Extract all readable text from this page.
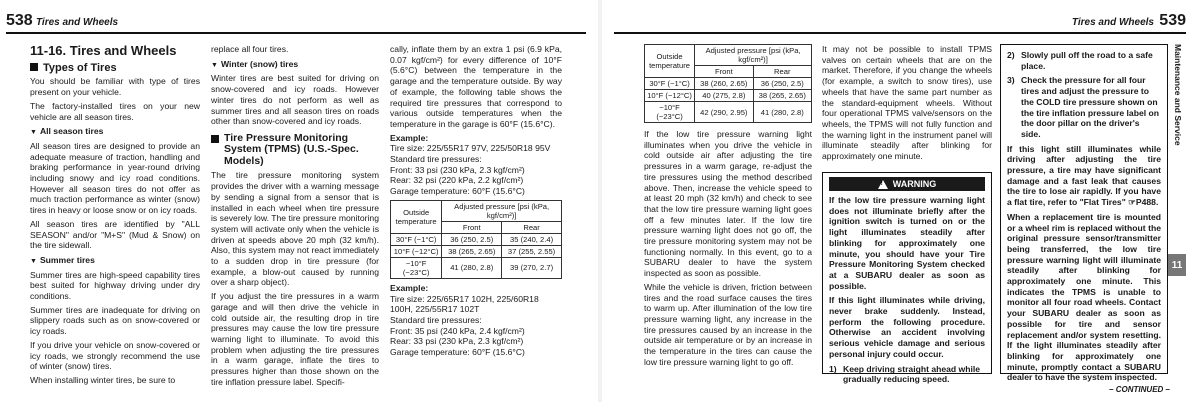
538 Tires and Wheels
11-16. Tires and Wheels
Types of Tires

You should be familiar with type of tires present on your vehicle.

The factory-installed tires on your new vehicle are all season tires.

▼ All season tires

All season tires are designed to provide an adequate measure of traction, handling and braking performance in year-round driving including snowy and icy road conditions. However all season tires do not offer as much traction performance as winter (snow) tires in heavy or loose snow or on icy roads.

All season tires are identified by "ALL SEASON" and/or "M+S" (Mud & Snow) on the tire sidewall.

▼ Summer tires

Summer tires are high-speed capability tires best suited for highway driving under dry conditions.

Summer tires are inadequate for driving on slippery roads such as on snow-covered or icy roads.

If you drive your vehicle on snow-covered or icy roads, we strongly recommend the use of winter (snow) tires.

When installing winter tires, be sure to

replace all four tires.

▼ Winter (snow) tires

Winter tires are best suited for driving on snow-covered and icy roads. However winter tires do not perform as well as summer tires and all season tires on roads other than snow-covered and icy roads.

Tire Pressure Monitoring System (TPMS) (U.S.-Spec. Models)

The tire pressure monitoring system provides the driver with a warning message by sending a signal from a sensor that is installed in each wheel when tire pressure is severely low. The tire pressure monitoring system will activate only when the vehicle is driven at speeds above 20 mph (32 km/h). Also, this system may not react immediately to a sudden drop in tire pressure (for example, a blow-out caused by running over a sharp object).

If you adjust the tire pressures in a warm garage and will then drive the vehicle in cold outside air, the resulting drop in tire pressures may cause the low tire pressure warning light to illuminate. To avoid this problem when adjusting the tire pressures in a warm garage, inflate the tires to pressures higher than those shown on the tire inflation pressure label. Specifi-

cally, inflate them by an extra 1 psi (6.9 kPa, 0.07 kgf/cm²) for every difference of 10°F (5.6°C) between the temperature in the garage and the temperature outside. By way of example, the following table shows the required tire pressures that correspond to various outside temperatures when the temperature in the garage is 60°F (15.6°C).

Example:
Tire size: 225/55R17 97V, 225/50R18 95V
Standard tire pressures:
Front: 33 psi (230 kPa, 2.3 kgf/cm²)
Rear: 32 psi (220 kPa, 2.2 kgf/cm²)
Garage temperature: 60°F (15.6°C)
Outside temperature	Adjusted pressure [psi (kPa, kgf/cm²)]	
	Front	Rear
30°F (−1°C)	36 (250, 2.5)	35 (240, 2.4)
10°F (−12°C)	38 (265, 2.65)	37 (255, 2.55)
−10°F (−23°C)	41 (280, 2.8)	39 (270, 2.7)
Example:
Tire size: 225/65R17 102H, 225/60R18 100H, 225/55R17 102T
Standard tire pressures:
Front: 35 psi (240 kPa, 2.4 kgf/cm²)
Rear: 33 psi (230 kPa, 2.3 kgf/cm²)
Garage temperature: 60°F (15.6°C)
Tires and Wheels 539
Outside temperature	Adjusted pressure [psi (kPa, kgf/cm²)]	
	Front	Rear
30°F (−1°C)	38 (260, 2.65)	36 (250, 2.5)
10°F (−12°C)	40 (275, 2.8)	38 (265, 2.65)
−10°F (−23°C)	42 (290, 2.95)	41 (280, 2.8)

If the low tire pressure warning light illuminates when you drive the vehicle in cold outside air after adjusting the tire pressures in a warm garage, re-adjust the tire pressures using the method described above. Then, increase the vehicle speed to at least 20 mph (32 km/h) and check to see that the low tire pressure warning light goes off a few minutes later. If the low tire pressure warning light does not go off, the tire pressure monitoring system may not be functioning normally. In this event, go to a SUBARU dealer to have the system inspected as soon as possible.

While the vehicle is driven, friction between tires and the road surface causes the tires to warm up. After illumination of the low tire pressure warning light, any increase in the tire pressures caused by an increase in the outside air temperature or by an increase in the temperature in the tires can cause the low tire pressure warning light to go off.

It may not be possible to install TPMS valves on certain wheels that are on the market. Therefore, if you change the wheels (for example, a switch to snow tires), use wheels that have the same part number as the standard-equipment wheels. Without four operational TPMS valve/sensors on the wheels, the TPMS will not fully function and the warning light in the instrument panel will illuminate steadily after blinking for approximately one minute.

! WARNING

If the low tire pressure warning light does not illuminate briefly after the ignition switch is turned on or the light illuminates steadily after blinking for approximately one minute, you should have your Tire Pressure Monitoring System checked at a SUBARU dealer as soon as possible.

If this light illuminates while driving, never brake suddenly. Instead, perform the following procedure. Otherwise an accident involving serious vehicle damage and serious personal injury could occur.

1) Keep driving straight ahead while gradually reducing speed.
2) Slowly pull off the road to a safe place.
3) Check the pressure for all four tires and adjust the pressure to the COLD tire pressure shown on the tire inflation pressure label on the door pillar on the driver's side.

If this light still illuminates while driving after adjusting the tire pressure, a tire may have significant damage and a fast leak that causes the tire to lose air rapidly. If you have a flat tire, refer to "Flat Tires" ☞P488.

When a replacement tire is mounted or a wheel rim is replaced without the original pressure sensor/transmitter being transferred, the low tire pressure warning light will illuminate steadily after blinking for approximately one minute. This indicates the TPMS is unable to monitor all four road wheels. Contact your SUBARU dealer as soon as possible for tire and sensor replacement and/or system resetting. If the light illuminates steadily after blinking for approximately one minute, promptly contact a SUBARU dealer to have the system inspected.

Maintenance and Service
11
– CONTINUED –
